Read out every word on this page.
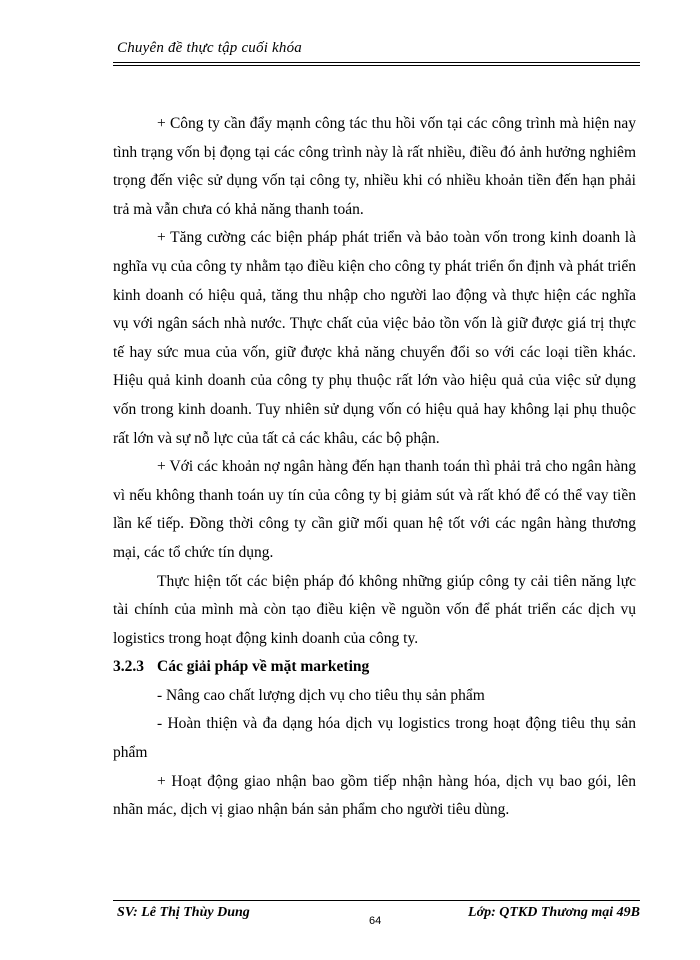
Chuyên đề thực tập cuối khóa

+ Công ty cần đẩy mạnh công tác thu hồi vốn tại các công trình mà hiện nay tình trạng vốn bị đọng tại các công trình này là rất nhiều, điều đó ảnh hưởng nghiêm trọng đến việc sử dụng vốn tại công ty, nhiều khi có nhiều khoản tiền đến hạn phải trả mà vẫn chưa có khả năng thanh toán.

+ Tăng cường các biện pháp phát triển và bảo toàn vốn trong kinh doanh là nghĩa vụ của công ty nhằm tạo điều kiện cho công ty phát triển ổn định và phát triển kinh doanh có hiệu quả, tăng thu nhập cho người lao động và thực hiện các nghĩa vụ với ngân sách nhà nước. Thực chất của việc bảo tồn vốn là giữ được giá trị thực tế hay sức mua của vốn, giữ được khả năng chuyển đổi so với các loại tiền khác. Hiệu quả kinh doanh của công ty phụ thuộc rất lớn vào hiệu quả của việc sử dụng vốn trong kinh doanh. Tuy nhiên sử dụng vốn có hiệu quả hay không lại phụ thuộc rất lớn và sự nỗ lực của tất cả các khâu, các bộ phận.

+ Với các khoản nợ ngân hàng đến hạn thanh toán thì phải trả cho ngân hàng vì nếu không thanh toán uy tín của công ty bị giảm sút và rất khó để có thể vay tiền lần kế tiếp. Đồng thời công ty cần giữ mối quan hệ tốt với các ngân hàng thương mại, các tổ chức tín dụng.

Thực hiện tốt các biện pháp đó không những giúp công ty cải tiên năng lực tài chính của mình mà còn tạo điều kiện về nguồn vốn để phát triển các dịch vụ logistics trong hoạt động kinh doanh của công ty.

3.2.3 Các giải pháp về mặt marketing

- Nâng cao chất lượng dịch vụ cho tiêu thụ sản phẩm

- Hoàn thiện và đa dạng hóa dịch vụ logistics trong hoạt động tiêu thụ sản phẩm

+ Hoạt động giao nhận bao gồm tiếp nhận hàng hóa, dịch vụ bao gói, lên nhãn mác, dịch vị giao nhận bán sản phẩm cho người tiêu dùng.

SV: Lê Thị Thùy Dung
64
Lớp: QTKD Thương mại 49B
